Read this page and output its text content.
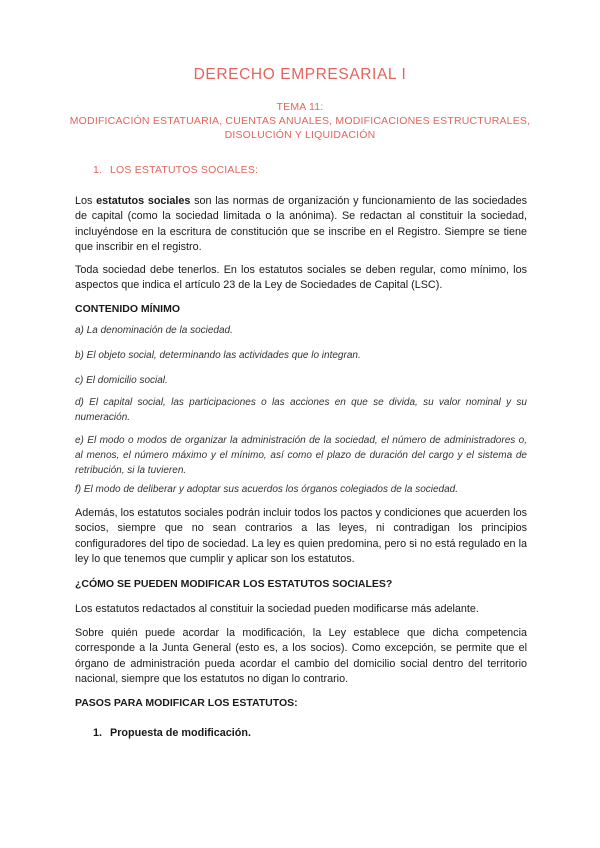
DERECHO EMPRESARIAL I
TEMA 11:
MODIFICACIÓN ESTATUARIA, CUENTAS ANUALES, MODIFICACIONES ESTRUCTURALES,
DISOLUCIÓN Y LIQUIDACIÓN
1. LOS ESTATUTOS SOCIALES:

Los estatutos sociales son las normas de organización y funcionamiento de las sociedades de capital (como la sociedad limitada o la anónima). Se redactan al constituir la sociedad, incluyéndose en la escritura de constitución que se inscribe en el Registro. Siempre se tiene que inscribir en el registro.

Toda sociedad debe tenerlos. En los estatutos sociales se deben regular, como mínimo, los aspectos que indica el artículo 23 de la Ley de Sociedades de Capital (LSC).

CONTENIDO MÍNIMO

a) La denominación de la sociedad.

b) El objeto social, determinando las actividades que lo integran.

c) El domicilio social.

d) El capital social, las participaciones o las acciones en que se divida, su valor nominal y su numeración.

e) El modo o modos de organizar la administración de la sociedad, el número de administradores o, al menos, el número máximo y el mínimo, así como el plazo de duración del cargo y el sistema de retribución, si la tuvieren.

f) El modo de deliberar y adoptar sus acuerdos los órganos colegiados de la sociedad.

Además, los estatutos sociales podrán incluir todos los pactos y condiciones que acuerden los socios, siempre que no sean contrarios a las leyes, ni contradigan los principios configuradores del tipo de sociedad. La ley es quien predomina, pero si no está regulado en la ley lo que tenemos que cumplir y aplicar son los estatutos.

¿CÓMO SE PUEDEN MODIFICAR LOS ESTATUTOS SOCIALES?

Los estatutos redactados al constituir la sociedad pueden modificarse más adelante.

Sobre quién puede acordar la modificación, la Ley establece que dicha competencia corresponde a la Junta General (esto es, a los socios). Como excepción, se permite que el órgano de administración pueda acordar el cambio del domicilio social dentro del territorio nacional, siempre que los estatutos no digan lo contrario.

PASOS PARA MODIFICAR LOS ESTATUTOS:
1. Propuesta de modificación.
